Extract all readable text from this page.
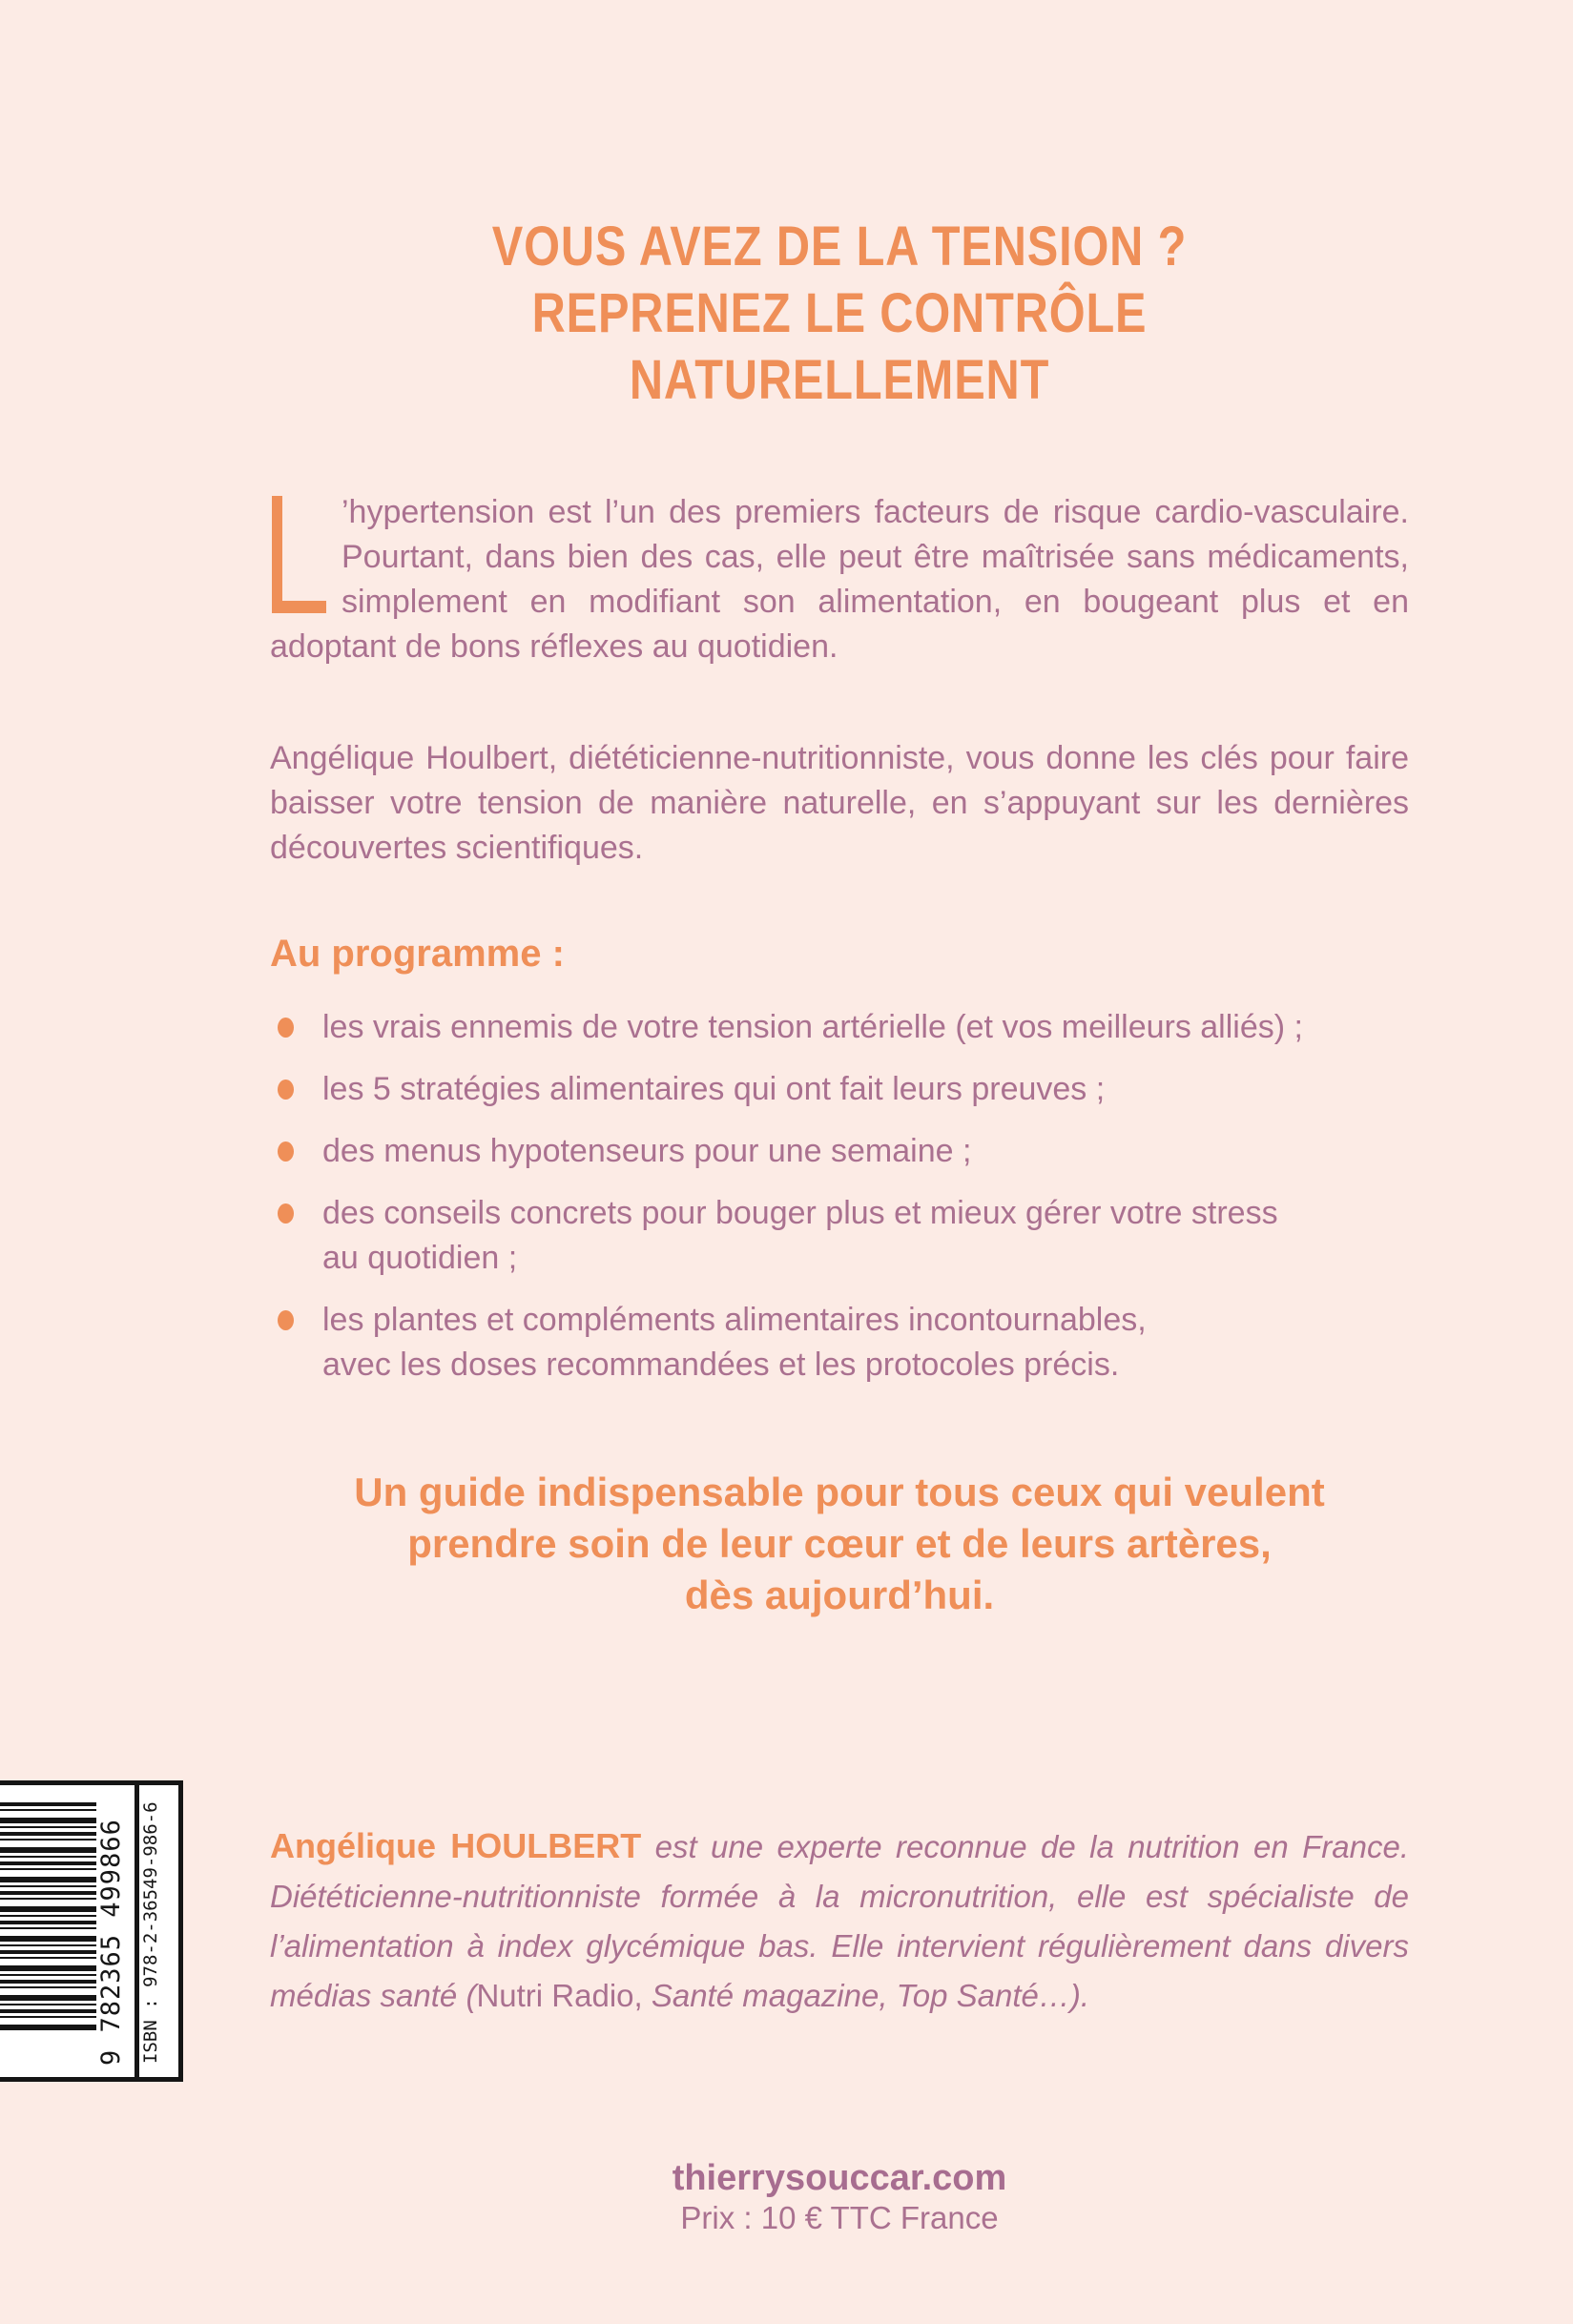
VOUS AVEZ DE LA TENSION ?
REPRENEZ LE CONTRÔLE
NATURELLEMENT

’hypertension est l’un des premiers facteurs de risque cardio-vasculaire. Pourtant, dans bien des cas, elle peut être maîtrisée sans médicaments, simplement en modifiant son alimentation, en bougeant plus et en adoptant de bons réflexes au quotidien.

Angélique Houlbert, diététicienne-nutritionniste, vous donne les clés pour faire baisser votre tension de manière naturelle, en s’appuyant sur les dernières découvertes scientifiques.

Au programme :
les vrais ennemis de votre tension artérielle (et vos meilleurs alliés) ;
les 5 stratégies alimentaires qui ont fait leurs preuves ;
des menus hypotenseurs pour une semaine ;
des conseils concrets pour bouger plus et mieux gérer votre stress
au quotidien ;
les plantes et compléments alimentaires incontournables,
avec les doses recommandées et les protocoles précis.
Un guide indispensable pour tous ceux qui veulent
prendre soin de leur cœur et de leurs artères,
dès aujourd’hui.
9 782365 499866 ISBN : 978-2-36549-986-6	Angélique HOULBERT est une experte reconnue de la nutrition en France. Diététicienne-nutritionniste formée à la micronutrition, elle est spécialiste de l’alimentation à index glycémique bas. Elle intervient régulièrement dans divers médias santé (Nutri Radio, Santé magazine, Top Santé…).

thierrysouccar.com
Prix : 10 € TTC France
